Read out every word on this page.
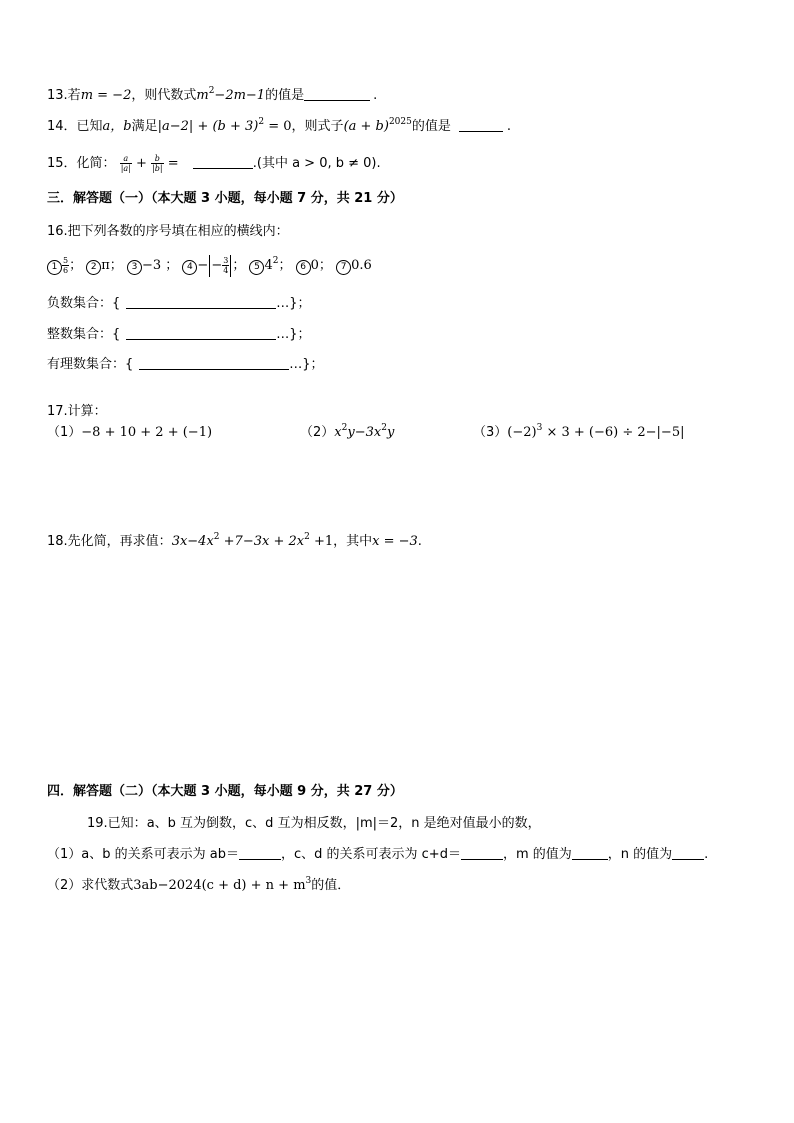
13.若m = −2，则代数式$m^2-2m-1$的值是	.
14．已知a，b满足$|a-2| + (b + 3)^2 = 0$，则式子$(a + b)^{2025}$的值是	.
15．化简： $\frac{a}{|a|} + \frac{b}{|b|}$ =	.(其中 a > 0, b ≠ 0).
三．解答题（一）（本大题 3 小题，每小题 7 分，共 21 分）
16.把下列各数的序号填在相应的横线内：
$1 \frac{5}{6}$ ； 2 π； 3 −3 ； 4 − − $\frac{3}{4}$ ； 5 $4^2$； 6 0； 7 0.6
负数集合：{	…}；
整数集合：{	…}；
有理数集合：{	…}；
17.计算：
（1）−8 + 10 + 2 + (−1)	$(2)x^2y-3x^2y$	$(3)(-2)^3 \times 3 + (-6) \div 2-|-5|$
18.先化简，再求值：$3x-4x^2 +7-3x + 2x^2 +1$，其中x = −3.
四．解答题（二）（本大题 3 小题，每小题 9 分，共 27 分）
19.已知：a、b 互为倒数，c、d 互为相反数，|m|＝2，n 是绝对值最小的数，
（1）a、b 的关系可表示为 ab＝	，c、d 的关系可表示为 c+d＝	，m 的值为	，n 的值为 .
（2）求代数式$3ab-2024(c + d) + n + m^3$的值．
